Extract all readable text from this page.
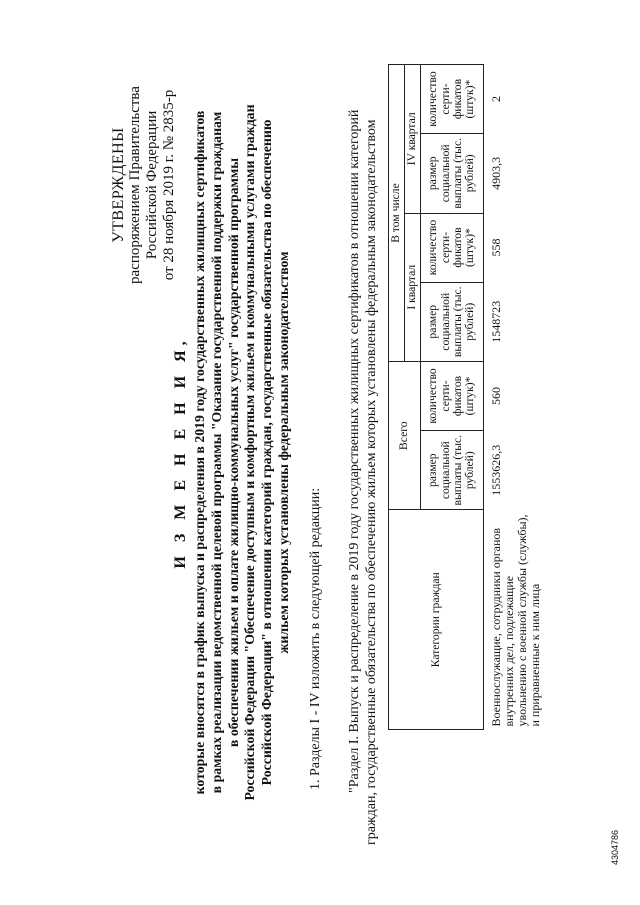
УТВЕРЖДЕНЫ распоряжением Правительства Российской Федерации от 28 ноября 2019 г. № 2835-р
И З М Е Н Е Н И Я, которые вносятся в график выпуска и распределения в 2019 году государственных жилищных сертификатов в рамках реализации ведомственной целевой программы "Оказание государственной поддержки гражданам в обеспечении жильем и оплате жилищно-коммунальных услуг" государственной программы Российской Федерации "Обеспечение доступным и комфортным жильем и коммунальными услугами граждан Российской Федерации" в отношении категорий граждан, государственные обязательства по обеспечению жильем которых установлены федеральным законодательством 1. Разделы I - IV изложить в следующей редакции: "Раздел I. Выпуск и распределение в 2019 году государственных жилищных сертификатов в отношении категорий граждан, государственные обязательства по обеспечению жильем которых установлены федеральным законодательством	Категории граждан	Всего		В том числе			
			I квартал		IV квартал	
	размер социальной выплаты (тыс. рублей)	количество серти-фикатов (штук)*	размер социальной выплаты (тыс. рублей)	количество серти-фикатов (штук)*	размер социальной выплаты (тыс. рублей)	количество серти-фикатов (штук)*
Военнослужащие, сотрудники органов внутренних дел, подлежащие увольнению с военной службы (службы), и приравненные к ним лица	1553626,3	560	1548723	558	4903,3	2
4304786
